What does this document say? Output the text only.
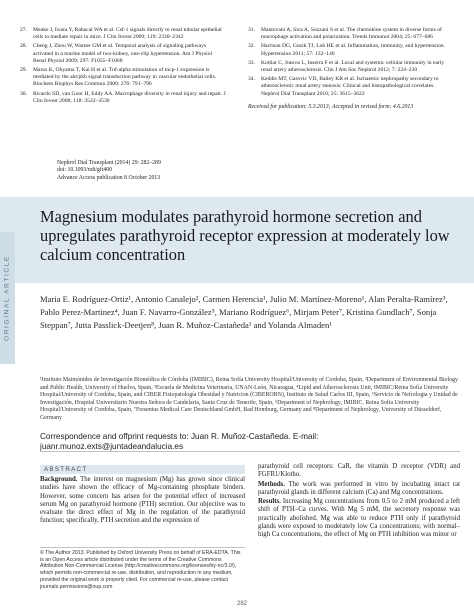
27.	Menke J, Iwata Y, Rabacal WA et al. Csf-1 signals directly to renal tubular epithelial cells to mediate repair in mice. J Clin Invest 2009; 119: 2330–2342
28.	Cheng J, Zhou W, Warner GM et al. Temporal analysis of signaling pathways activated in a murine model of two-kidney, one-clip hypertension. Am J Physiol Renal Physiol 2009; 297: F1055–F1068
29.	Marso K, Ohyama T, Kai H et al. Tnf-alpha stimulation of mcp-1 expression is mediated by the akt/pkb signal transduction pathway in vascular endothelial cells. Biochem Biophys Res Commun 2000; 276: 791–796
30.	Ricardo SD, van Goor H, Eddy AA. Macrophage diversity in renal injury and repair. J Clin Invest 2008; 118: 3522–3530
31.	Mantovani A, Sica A, Sozzani S et al. The chemokine system in diverse forms of macrophage activation and polarization. Trends Immunol 2004; 25: 677–686
32.	Harrison DG, Guzik TJ, Lob HE et al. Inflammation, immunity, and hypertension. Hypertension 2011; 57: 132–140
33.	Kotliar C, Juncos L, Inserra F et al. Local and systemic cellular immunity in early renal artery atherosclerosis. Clin J Am Soc Nephrol 2012; 7: 224–230
34.	Keddis MT, Garovic VD, Bailey KR et al. Ischaemic nephropathy secondary to atherosclerotic renal artery stenosis: Clinical and histopathological correlates. Nephrol Dial Transplant 2010; 25: 3615–3622
Received for publication: 5.3.2013; Accepted in revised form: 4.6.2013
Nephrol Dial Transplant (2014) 29: 282–289
doi: 10.1093/ndt/gft400
Advance Access publication 8 October 2013
ORIGINAL ARTICLE
Magnesium modulates parathyroid hormone secretion and upregulates parathyroid receptor expression at moderately low calcium concentration
Maria E. Rodríguez-Ortiz¹, Antonio Canalejo², Carmen Herencia¹, Julio M. Martínez-Moreno¹, Alan Peralta-Ramírez³, Pablo Perez-Martinez⁴, Juan F. Navarro-González⁵, Mariano Rodríguez⁶, Mirjam Peter⁷, Kristina Gundlach⁷, Sonja Steppan⁷, Jutta Passlick-Deetjen⁸, Juan R. Muñoz-Castañeda¹ and Yolanda Almaden¹
¹Instituto Maimónides de Investigación Biomédica de Córdoba (IMIBIC), Reina Sofía University Hospital/University of Cordoba, Spain, ²Department of Environmental Biology and Public Health, University of Huelva, Spain, ³Escuela de Medicina Veterinaria, UNAN-León, Nicaragua, ⁴Lipid and Atherosclerosis Unit, IMIBIC/Reina Sofía University Hospital/University of Cordoba, Spain, and CIBER Fisiopatología Obesidad y Nutricion (CIBEROBN), Instituto de Salud Carlos III, Spain, ⁵Servicio de Nefrologia y Unidad de Investigación, Hospital Universitario Nuestra Señora de Candelaria, Santa Cruz de Tenerife, Spain, ⁶Department of Nephrology, IMIBIC. Reina Sofia University Hospital/University of Cordoba, Spain, ⁷Fresenius Medical Care Deutschland GmbH, Bad Homburg, Germany and ⁸Department of Nephrology, University of Düsseldorf, Germany
Correspondence and offprint requests to: Juan R. Muñoz-Castañeda. E-mail: juanr.munoz.exts@juntadeandalucia.es
ABSTRACT

Background. The interest on magnesium (Mg) has grown since clinical studies have shown the efficacy of Mg-containing phosphate binders. However, some concern has arisen for the potential effect of increased serum Mg on parathyroid hormone (PTH) secretion. Our objective was to evaluate the direct effect of Mg in the regulation of the parathyroid function; specifically, PTH secretion and the expression of

parathyroid cell receptors: CaR, the vitamin D receptor (VDR) and FGFR1/Klotho.

Methods. The work was performed in vitro by incubating intact rat parathyroid glands in different calcium (Ca) and Mg concentrations.

Results. Increasing Mg concentrations from 0.5 to 2 mM produced a left shift of PTH–Ca curves. With Mg 5 mM, the secretory response was practically abolished. Mg was able to reduce PTH only if parathyroid glands were exposed to moderately low Ca concentrations; with normal–high Ca concentrations, the effect of Mg on PTH inhibition was minor or

© The Author 2013. Published by Oxford University Press on behalf of ERA-EDTA. This is an Open Access article distributed under the terms of the Creative Commons Attribution Non-Commercial License (http://creativecommons.org/licenses/by-nc/3.0/), which permits non-commercial re-use, distribution, and reproduction in any medium, provided the original work is properly cited. For commercial re-use, please contact journals.permissions@oup.com
282
